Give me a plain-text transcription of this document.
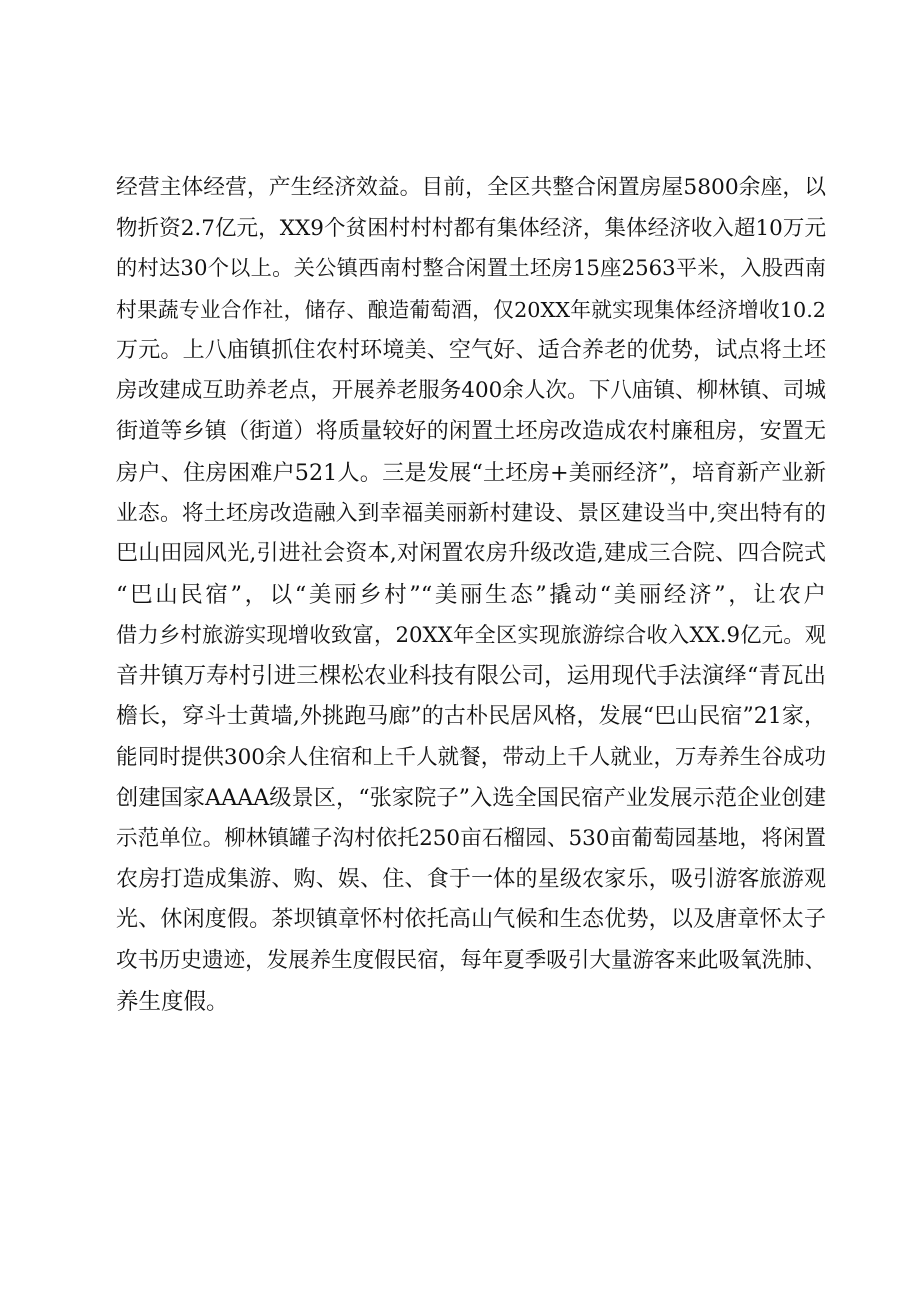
经营主体经营，产生经济效益。目前，全区共整合闲置房屋5800余座，以
物折资2.7亿元，XX9个贫困村村村都有集体经济，集体经济收入超10万元
的村达30个以上。关公镇西南村整合闲置土坯房15座2563平米，入股西南
村果蔬专业合作社，储存、酿造葡萄酒，仅20XX年就实现集体经济增收10.2
万元。上八庙镇抓住农村环境美、空气好、适合养老的优势，试点将土坯
房改建成互助养老点，开展养老服务400余人次。下八庙镇、柳林镇、司城
街道等乡镇（街道）将质量较好的闲置土坯房改造成农村廉租房，安置无
房户、住房困难户521人。三是发展“土坯房+美丽经济”，培育新产业新
业态。将土坯房改造融入到幸福美丽新村建设、景区建设当中,突出特有的
巴山田园风光,引进社会资本,对闲置农房升级改造,建成三合院、四合院式
“巴山民宿”，以“美丽乡村”“美丽生态”撬动“美丽经济”，让农户
借力乡村旅游实现增收致富，20XX年全区实现旅游综合收入XX.9亿元。观
音井镇万寿村引进三棵松农业科技有限公司，运用现代手法演绎“青瓦出
檐长，穿斗士黄墙,外挑跑马廊”的古朴民居风格，发展“巴山民宿”21家，
能同时提供300余人住宿和上千人就餐，带动上千人就业，万寿养生谷成功
创建国家AAAA级景区，“张家院子”入选全国民宿产业发展示范企业创建
示范单位。柳林镇罐子沟村依托250亩石榴园、530亩葡萄园基地，将闲置
农房打造成集游、购、娱、住、食于一体的星级农家乐，吸引游客旅游观
光、休闲度假。茶坝镇章怀村依托高山气候和生态优势，以及唐章怀太子
攻书历史遗迹，发展养生度假民宿，每年夏季吸引大量游客来此吸氧洗肺、
养生度假。
